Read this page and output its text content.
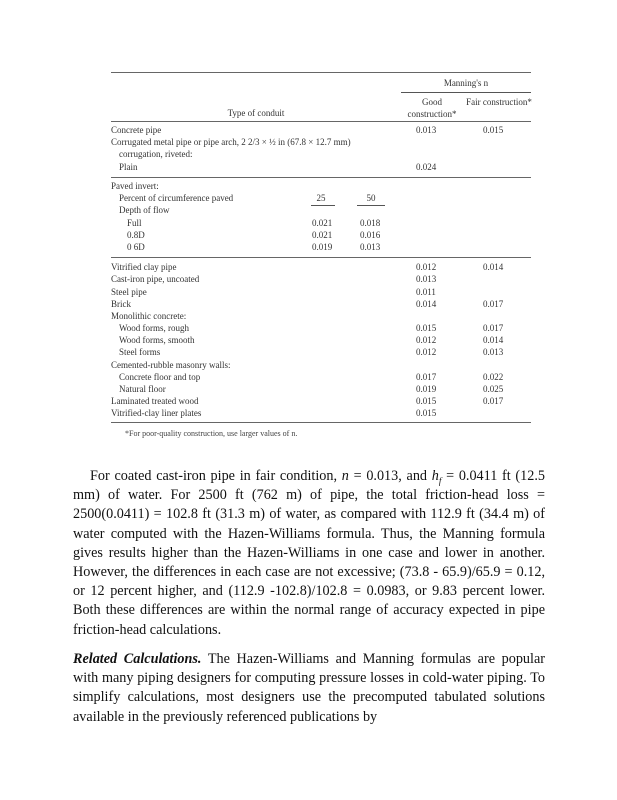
Manning's n
Type of conduit
Good construction*
Fair construction*
Concrete pipe	0.013	0.015
Corrugated metal pipe or pipe arch, 2 2/3 × ½ in (67.8 × 12.7 mm)
corrugation, riveted:
Plain	0.024
Paved invert:
Percent of circumference paved	25	50
Depth of flow
Full	0.021	0.018
0.8D	0.021	0.016
0 6D	0.019	0.013
Vitrified clay pipe	0.012	0.014
Cast-iron pipe, uncoated	0.013
Steel pipe	0.011
Brick	0.014	0.017
Monolithic concrete:
Wood forms, rough	0.015	0.017
Wood forms, smooth	0.012	0.014
Steel forms	0.012	0.013
Cemented-rubble masonry walls:
Concrete floor and top	0.017	0.022
Natural floor	0.019	0.025
Laminated treated wood	0.015	0.017
Vitrified-clay liner plates	0.015
*For poor-quality construction, use larger values of n.

For coated cast-iron pipe in fair condition, n = 0.013, and $h_f = 0.0411$ ft (12.5 mm) of water. For 2500 ft (762 m) of pipe, the total friction-head loss = 2500(0.0411) = 102.8 ft (31.3 m) of water, as compared with 112.9 ft (34.4 m) of water computed with the Hazen-Williams formula. Thus, the Manning formula gives results higher than the Hazen-Williams in one case and lower in another. However, the differences in each case are not excessive; (73.8 - 65.9)/65.9 = 0.12, or 12 percent higher, and (112.9 -102.8)/102.8 = 0.0983, or 9.83 percent lower. Both these differences are within the normal range of accuracy expected in pipe friction-head calculations.

Related Calculations. The Hazen-Williams and Manning formulas are popular with many piping designers for computing pressure losses in cold-water piping. To simplify calculations, most designers use the precomputed tabulated solutions available in the previously referenced publications by
